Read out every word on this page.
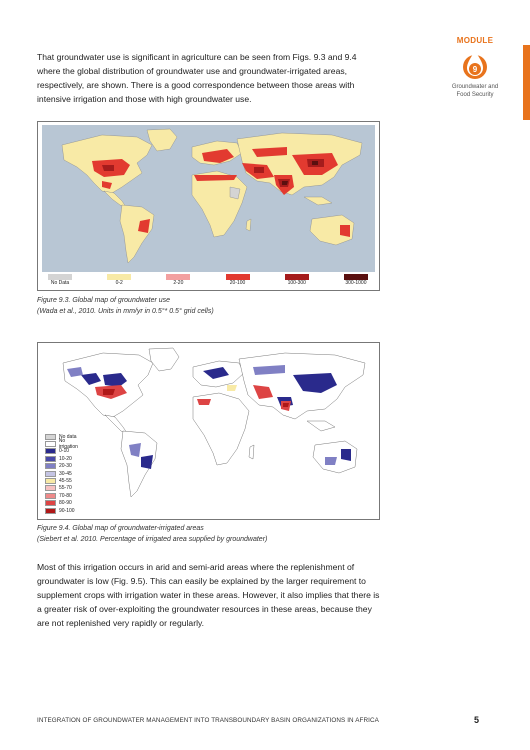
MODULE
9
Groundwater and
Food Security

That groundwater use is significant in agriculture can be seen from Figs. 9.3 and 9.4 where the global distribution of groundwater use and groundwater-irrigated areas, respectively, are shown. There is a good correspondence between those areas with intensive irrigation and those with high groundwater use.

No Data	0-2	2-20	20-100	100-300	300-1000

Figure 9.3. Global map of groundwater use
(Wada et al., 2010. Units in mm/yr in 0.5°* 0.5° grid cells)

No data
No irrigation
0-10
10-20
20-30
30-45
45-55
55-70
70-80
80-90
90-100

Figure 9.4. Global map of groundwater-irrigated areas
(Siebert et al. 2010. Percentage of irrigated area supplied by groundwater)

Most of this irrigation occurs in arid and semi-arid areas where the replenishment of groundwater is low (Fig. 9.5). This can easily be explained by the larger requirement to supplement crops with irrigation water in these areas. However, it also implies that there is a greater risk of over-exploiting the groundwater resources in these areas, because they are not replenished very rapidly or regularly.

INTEGRATION OF GROUNDWATER MANAGEMENT INTO TRANSBOUNDARY BASIN ORGANIZATIONS IN AFRICA	5
